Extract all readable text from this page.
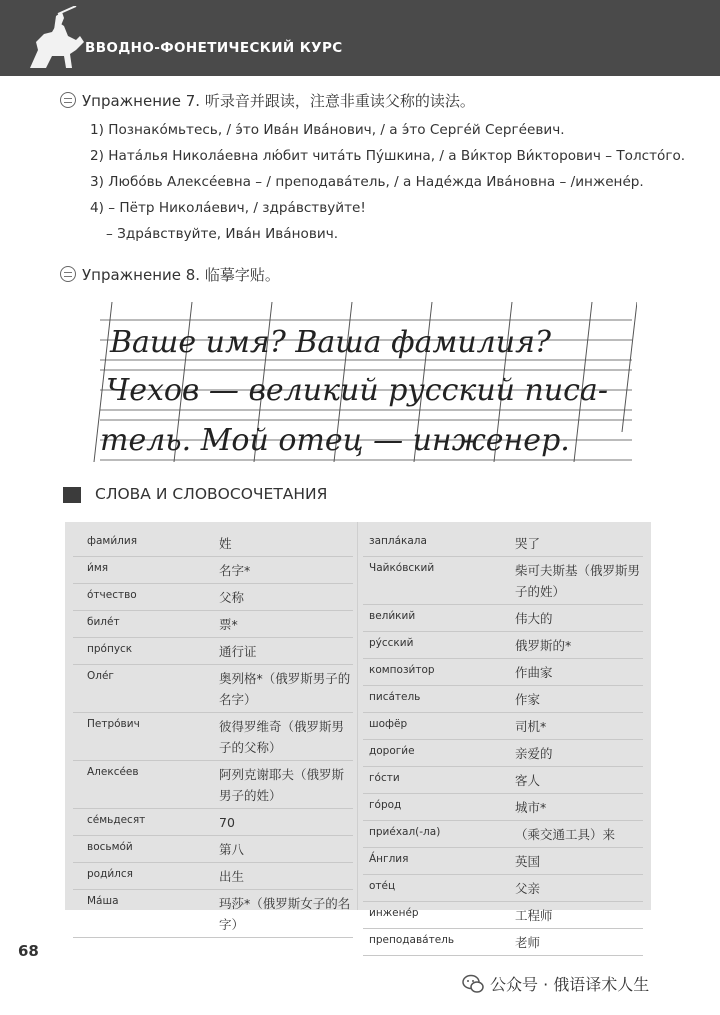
ВВОДНО-ФОНЕТИЧЕСКИЙ КУРС
Упражнение 7. 听录音并跟读，注意非重读父称的读法。
1) Познако́мьтесь, / э́то Ива́н Ива́нович, / а э́то Серге́й Серге́евич.
2) Ната́лья Никола́евна лю́бит чита́ть Пу́шкина, / а Ви́ктор Ви́кторович – Толсто́го.
3) Любо́вь Алексе́евна – / преподава́тель, / а Наде́жда Ива́новна – /инжене́р.
4) – Пётр Никола́евич, / здра́вствуйте!
– Здра́вствуйте, Ива́н Ива́нович.
Упражнение 8. 临摹字贴。
Ваше имя? Ваша фамилия?
Чехов — великий русский писа-
тель. Мой отец — инженер.
СЛОВА И СЛОВОСОЧЕТАНИЯ
фами́лия	姓
и́мя	名字*
о́тчество	父称
биле́т	票*
про́пуск	通行证
Оле́г	奥列格*（俄罗斯男子的名字）
Петро́вич	彼得罗维奇（俄罗斯男子的父称）
Алексе́ев	阿列克谢耶夫（俄罗斯男子的姓）
се́мьдесят	70
восьмо́й	第八
роди́лся	出生
Ма́ша	玛莎*（俄罗斯女子的名字）
запла́кала	哭了
Чайко́вский	柴可夫斯基（俄罗斯男子的姓）
вели́кий	伟大的
ру́сский	俄罗斯的*
компози́тор	作曲家
писа́тель	作家
шофёр	司机*
дороги́е	亲爱的
го́сти	客人
го́род	城市*
прие́хал(-ла)	（乘交通工具）来
А́нглия	英国
оте́ц	父亲
инжене́р	工程师
преподава́тель	老师
68
公众号 · 俄语译术人生
